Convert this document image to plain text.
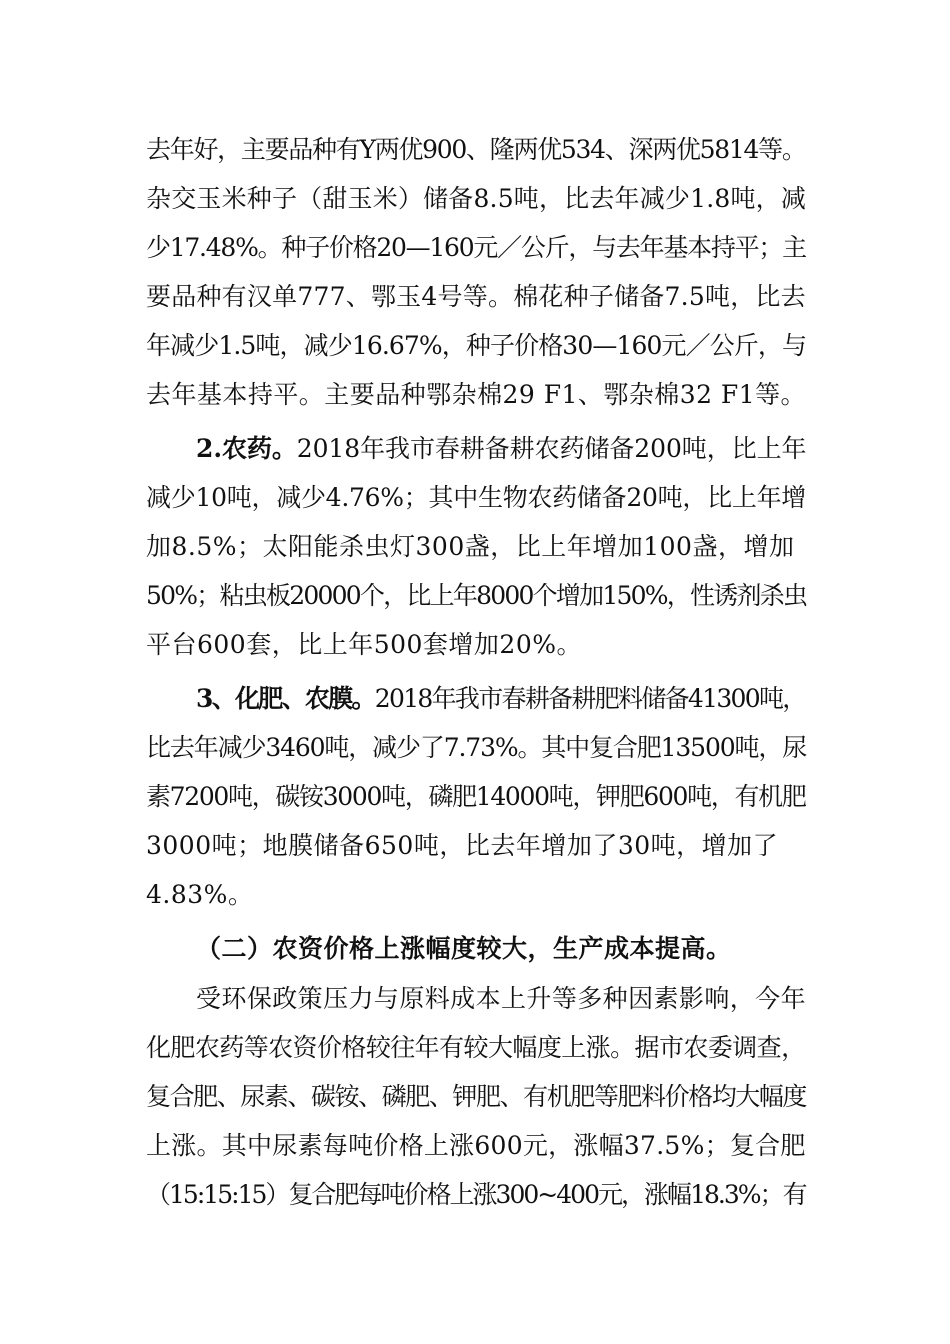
去年好，主要品种有Y两优900、隆两优534、深两优5814等。
杂交玉米种子（甜玉米）储备8.5吨，比去年减少1.8吨，减
少17.48%。种子价格20—160元／公斤，与去年基本持平；主
要品种有汉单777、鄂玉4号等。棉花种子储备7.5吨，比去
年减少1.5吨，减少16.67%，种子价格30—160元／公斤，与
去年基本持平。主要品种鄂杂棉29 F1、鄂杂棉32 F1等。
2.农药。2018年我市春耕备耕农药储备200吨，比上年
减少10吨，减少4.76%；其中生物农药储备20吨，比上年增
加8.5%；太阳能杀虫灯300盏，比上年增加100盏，增加
50%；粘虫板20000个，比上年8000个增加150%，性诱剂杀虫
平台600套，比上年500套增加20%。
3、化肥、农膜。2018年我市春耕备耕肥料储备41300吨，
比去年减少3460吨，减少了7.73%。其中复合肥13500吨，尿
素7200吨，碳铵3000吨，磷肥14000吨，钾肥600吨，有机肥
3000吨；地膜储备650吨，比去年增加了30吨，增加了
4.83%。
（二）农资价格上涨幅度较大，生产成本提高。
受环保政策压力与原料成本上升等多种因素影响，今年
化肥农药等农资价格较往年有较大幅度上涨。据市农委调查，
复合肥、尿素、碳铵、磷肥、钾肥、有机肥等肥料价格均大幅度
上涨。其中尿素每吨价格上涨600元，涨幅37.5%；复合肥
（15:15:15）复合肥每吨价格上涨300~400元，涨幅18.3%；有
